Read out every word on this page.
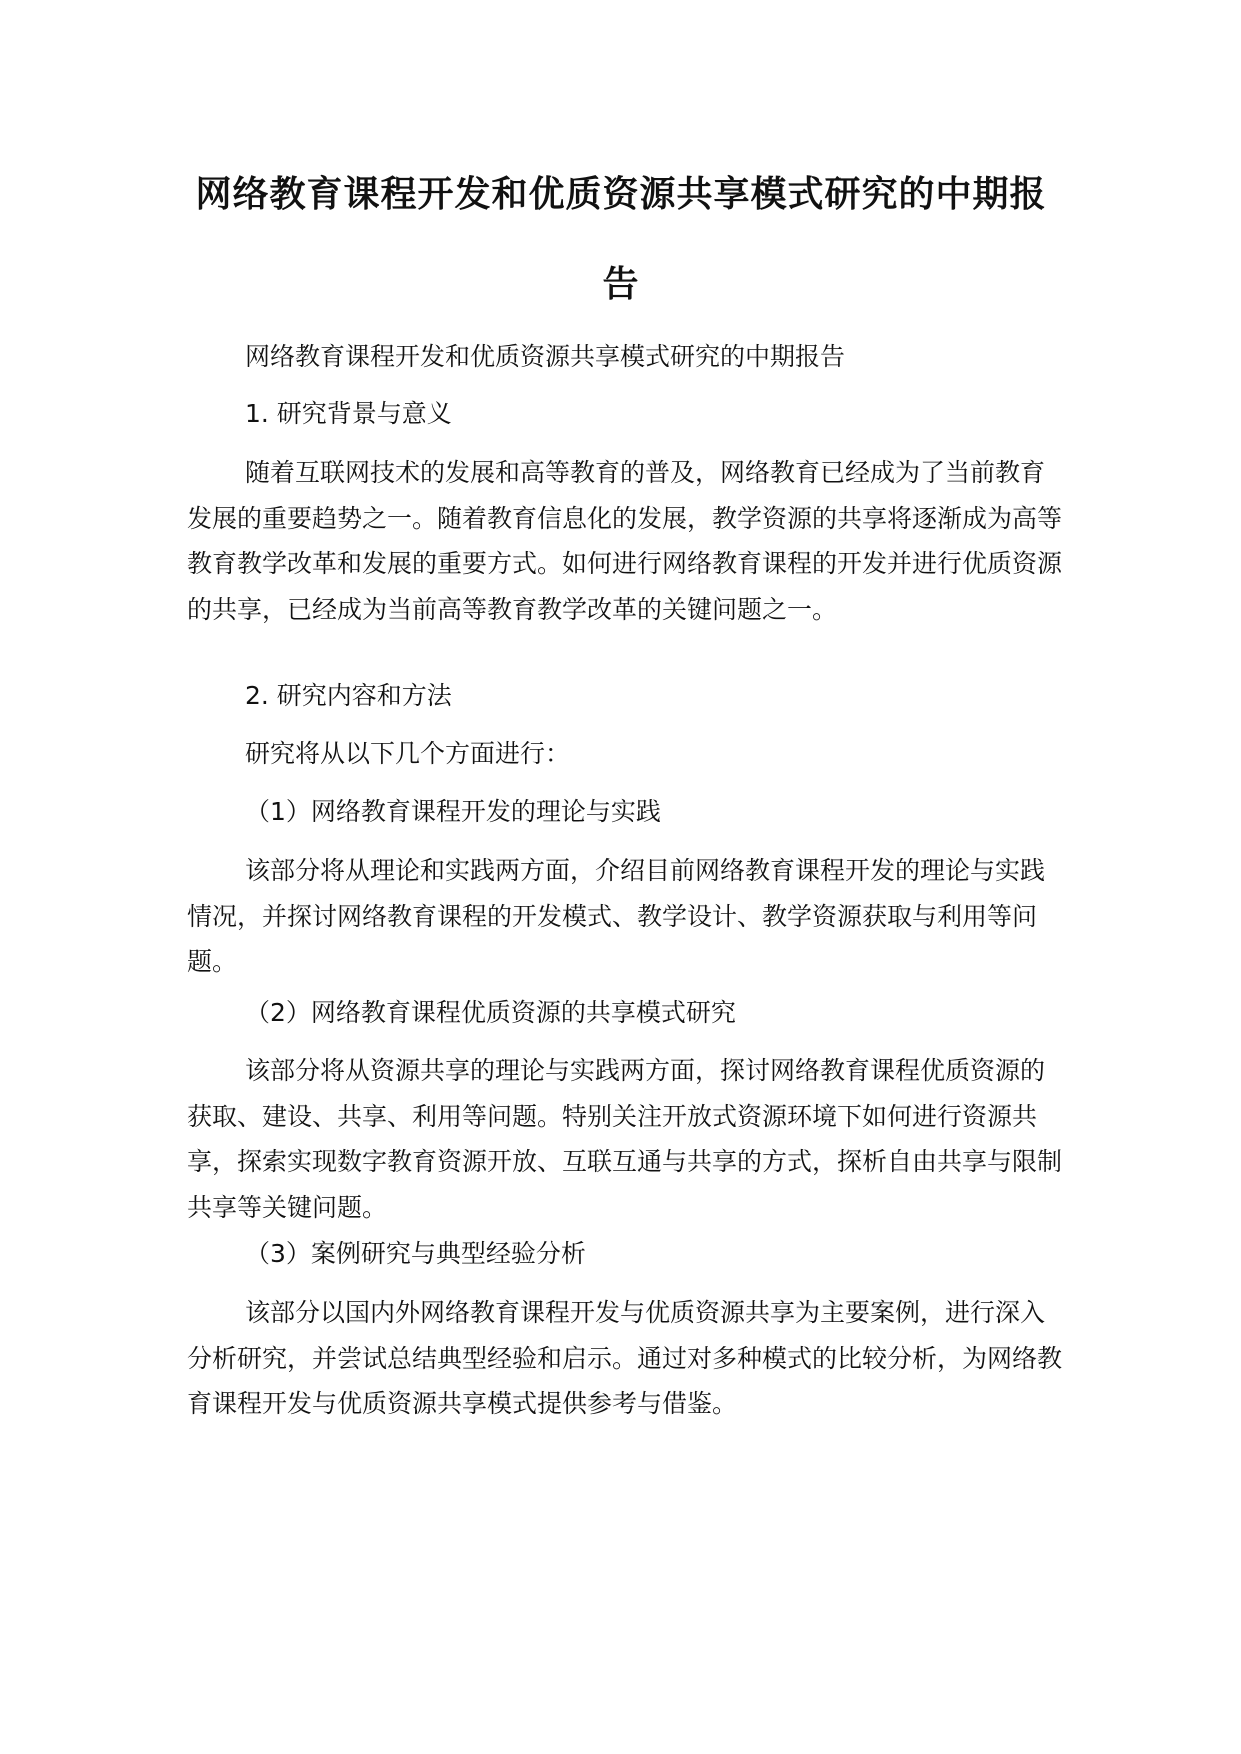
网络教育课程开发和优质资源共享模式研究的中期报告

网络教育课程开发和优质资源共享模式研究的中期报告

1. 研究背景与意义

随着互联网技术的发展和高等教育的普及，网络教育已经成为了当前教育发展的重要趋势之一。随着教育信息化的发展，教学资源的共享将逐渐成为高等教育教学改革和发展的重要方式。如何进行网络教育课程的开发并进行优质资源的共享，已经成为当前高等教育教学改革的关键问题之一。

2. 研究内容和方法

研究将从以下几个方面进行：

（1）网络教育课程开发的理论与实践

该部分将从理论和实践两方面，介绍目前网络教育课程开发的理论与实践情况，并探讨网络教育课程的开发模式、教学设计、教学资源获取与利用等问题。

（2）网络教育课程优质资源的共享模式研究

该部分将从资源共享的理论与实践两方面，探讨网络教育课程优质资源的获取、建设、共享、利用等问题。特别关注开放式资源环境下如何进行资源共享，探索实现数字教育资源开放、互联互通与共享的方式，探析自由共享与限制共享等关键问题。

（3）案例研究与典型经验分析

该部分以国内外网络教育课程开发与优质资源共享为主要案例，进行深入分析研究，并尝试总结典型经验和启示。通过对多种模式的比较分析，为网络教育课程开发与优质资源共享模式提供参考与借鉴。
